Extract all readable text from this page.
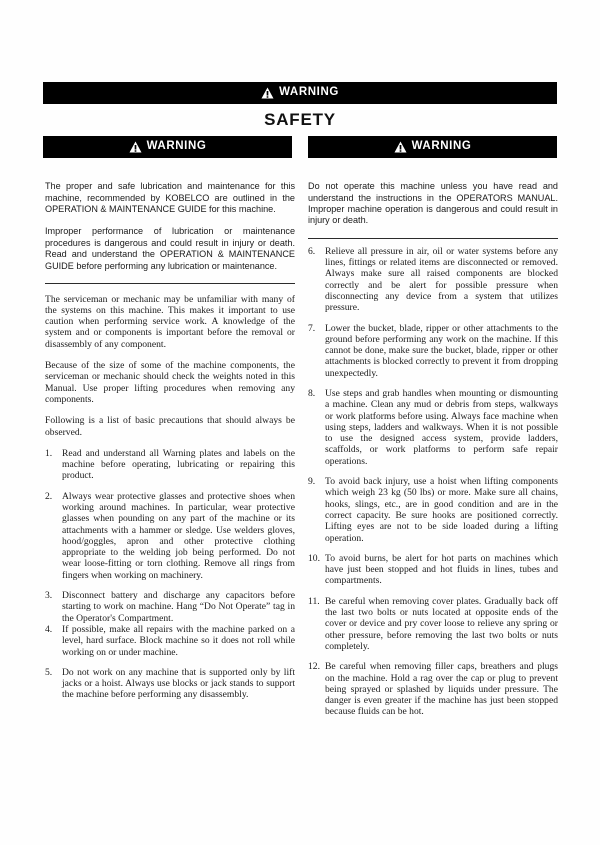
WARNING
SAFETY
WARNING	WARNING

The proper and safe lubrication and maintenance for this machine, recommended by KOBELCO are outlined in the OPERATION & MAINTENANCE GUIDE for this machine.

Improper performance of lubrication or maintenance procedures is dangerous and could result in injury or death. Read and understand the OPERATION & MAINTENANCE GUIDE before performing any lubrication or maintenance.

The serviceman or mechanic may be unfamiliar with many of the systems on this machine. This makes it important to use caution when performing service work. A knowledge of the system and or components is important before the removal or disassembly of any component.

Because of the size of some of the machine components, the serviceman or mechanic should check the weights noted in this Manual. Use proper lifting procedures when removing any components.

Following is a list of basic precautions that should always be observed.

1.	Read and understand all Warning plates and labels on the machine before operating, lubricating or repairing this product.
2.	Always wear protective glasses and protective shoes when working around machines. In particular, wear protective glasses when pounding on any part of the machine or its attachments with a hammer or sledge. Use welders gloves, hood/goggles, apron and other protective clothing appropriate to the welding job being performed. Do not wear loose-fitting or torn clothing. Remove all rings from fingers when working on machinery.
3.	Disconnect battery and discharge any capacitors before starting to work on machine. Hang “Do Not Operate” tag in the Operator's Compartment.
4.	If possible, make all repairs with the machine parked on a level, hard surface. Block machine so it does not roll while working on or under machine.
5.	Do not work on any machine that is supported only by lift jacks or a hoist. Always use blocks or jack stands to support the machine before performing any disassembly.

Do not operate this machine unless you have read and understand the instructions in the OPERATORS MANUAL. Improper machine operation is dangerous and could result in injury or death.

6.	Relieve all pressure in air, oil or water systems before any lines, fittings or related items are disconnected or removed. Always make sure all raised components are blocked correctly and be alert for possible pressure when disconnecting any device from a system that utilizes pressure.
7.	Lower the bucket, blade, ripper or other attachments to the ground before performing any work on the machine. If this cannot be done, make sure the bucket, blade, ripper or other attachments is blocked correctly to prevent it from dropping unexpectedly.
8.	Use steps and grab handles when mounting or dismounting a machine. Clean any mud or debris from steps, walkways or work platforms before using. Always face machine when using steps, ladders and walkways. When it is not possible to use the designed access system, provide ladders, scaffolds, or work platforms to perform safe repair operations.
9.	To avoid back injury, use a hoist when lifting components which weigh 23 kg (50 lbs) or more. Make sure all chains, hooks, slings, etc., are in good condition and are in the correct capacity. Be sure hooks are positioned correctly. Lifting eyes are not to be side loaded during a lifting operation.
10. To avoid burns, be alert for hot parts on machines which have just been stopped and hot fluids in lines, tubes and compartments.
11. Be careful when removing cover plates. Gradually back off the last two bolts or nuts located at opposite ends of the cover or device and pry cover loose to relieve any spring or other pressure, before removing the last two bolts or nuts completely.
12. Be careful when removing filler caps, breathers and plugs on the machine. Hold a rag over the cap or plug to prevent being sprayed or splashed by liquids under pressure. The danger is even greater if the machine has just been stopped because fluids can be hot.
